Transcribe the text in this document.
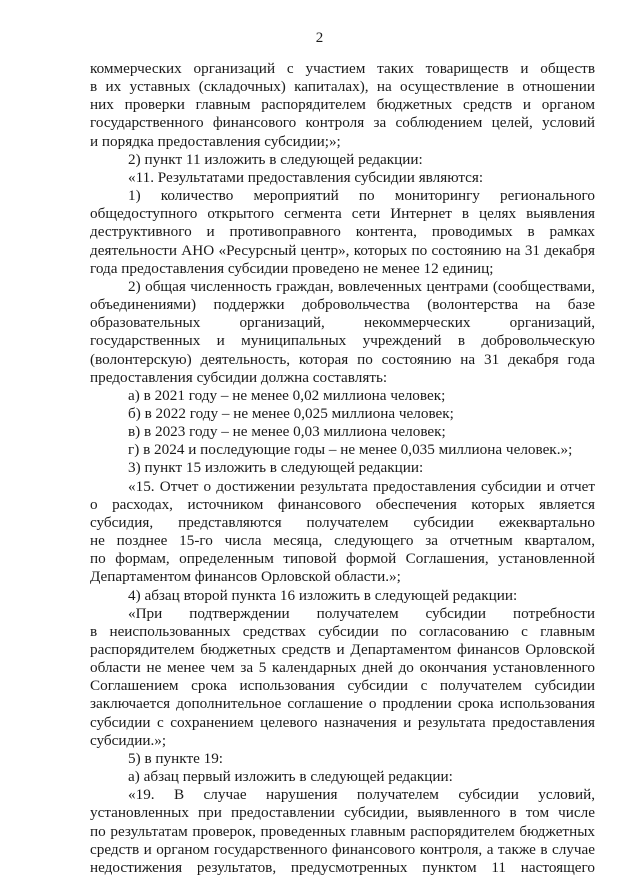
2

коммерческих организаций с участием таких товариществ и обществ

в их уставных (складочных) капиталах), на осуществление в отношении

них проверки главным распорядителем бюджетных средств и органом

государственного финансового контроля за соблюдением целей, условий

и порядка предоставления субсидии;»;

2) пункт 11 изложить в следующей редакции:

«11. Результатами предоставления субсидии являются:

1) количество мероприятий по мониторингу регионального

общедоступного открытого сегмента сети Интернет в целях выявления

деструктивного и противоправного контента, проводимых в рамках

деятельности АНО «Ресурсный центр», которых по состоянию на 31 декабря

года предоставления субсидии проведено не менее 12 единиц;

2) общая численность граждан, вовлеченных центрами (сообществами,

объединениями) поддержки добровольчества (волонтерства на базе

образовательных организаций, некоммерческих организаций,

государственных и муниципальных учреждений в добровольческую

(волонтерскую) деятельность, которая по состоянию на 31 декабря года

предоставления субсидии должна составлять:

а) в 2021 году – не менее 0,02 миллиона человек;

б) в 2022 году – не менее 0,025 миллиона человек;

в) в 2023 году – не менее 0,03 миллиона человек;

г) в 2024 и последующие годы – не менее 0,035 миллиона человек.»;

3) пункт 15 изложить в следующей редакции:

«15. Отчет о достижении результата предоставления субсидии и отчет

о расходах, источником финансового обеспечения которых является

субсидия, представляются получателем субсидии ежеквартально

не позднее 15-го числа месяца, следующего за отчетным кварталом,

по формам, определенным типовой формой Соглашения, установленной

Департаментом финансов Орловской области.»;

4) абзац второй пункта 16 изложить в следующей редакции:

«При подтверждении получателем субсидии потребности

в неиспользованных средствах субсидии по согласованию с главным

распорядителем бюджетных средств и Департаментом финансов Орловской

области не менее чем за 5 календарных дней до окончания установленного

Соглашением срока использования субсидии с получателем субсидии

заключается дополнительное соглашение о продлении срока использования

субсидии с сохранением целевого назначения и результата предоставления

субсидии.»;

5) в пункте 19:

а) абзац первый изложить в следующей редакции:

«19. В случае нарушения получателем субсидии условий,

установленных при предоставлении субсидии, выявленного в том числе

по результатам проверок, проведенных главным распорядителем бюджетных

средств и органом государственного финансового контроля, а также в случае

недостижения результатов, предусмотренных пунктом 11 настоящего
